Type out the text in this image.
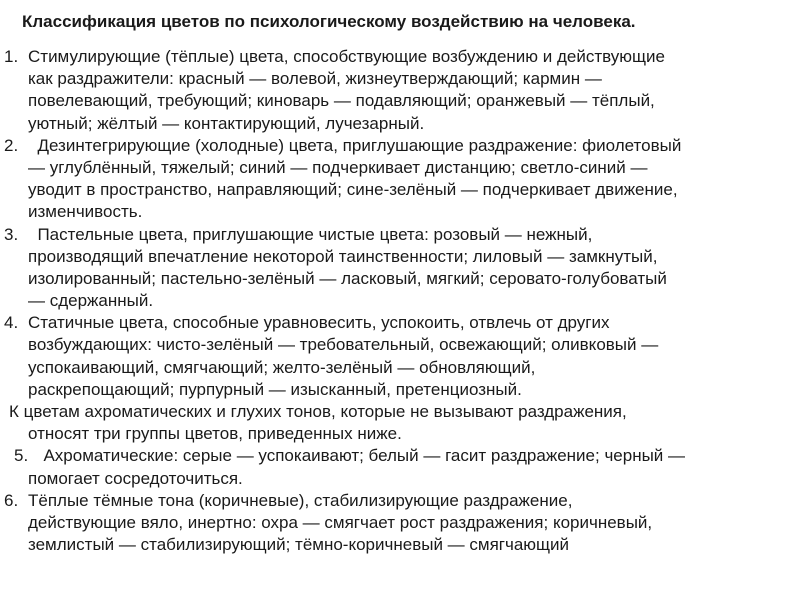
Классификация цветов по психологическому воздействию на человека.
1. Стимулирующие (тёплые) цвета, способствующие возбуждению и действующие
как раздражители: красный — волевой, жизнеутверждающий; кармин —
повелевающий, требующий; киноварь — подавляющий; оранжевый — тёплый,
уютный; жёлтый — контактирующий, лучезарный.
2. Дезинтегрирующие (холодные) цвета, приглушающие раздражение: фиолетовый
— углублённый, тяжелый; синий — подчеркивает дистанцию; светло-синий —
уводит в пространство, направляющий; сине-зелёный — подчеркивает движение,
изменчивость.
3. Пастельные цвета, приглушающие чистые цвета: розовый — нежный,
производящий впечатление некоторой таинственности; лиловый — замкнутый,
изолированный; пастельно-зелёный — ласковый, мягкий; серовато-голубоватый
— сдержанный.
4. Статичные цвета, способные уравновесить, успокоить, отвлечь от других
возбуждающих: чисто-зелёный — требовательный, освежающий; оливковый —
успокаивающий, смягчающий; желто-зелёный — обновляющий,
раскрепощающий; пурпурный — изысканный, претенциозный.
К цветам ахроматических и глухих тонов, которые не вызывают раздражения,
относят три группы цветов, приведенных ниже.
5. Ахроматические: серые — успокаивают; белый — гасит раздражение; черный —
помогает сосредоточиться.
6. Тёплые тёмные тона (коричневые), стабилизирующие раздражение,
действующие вяло, инертно: охра — смягчает рост раздражения; коричневый,
землистый — стабилизирующий; тёмно-коричневый — смягчающий
